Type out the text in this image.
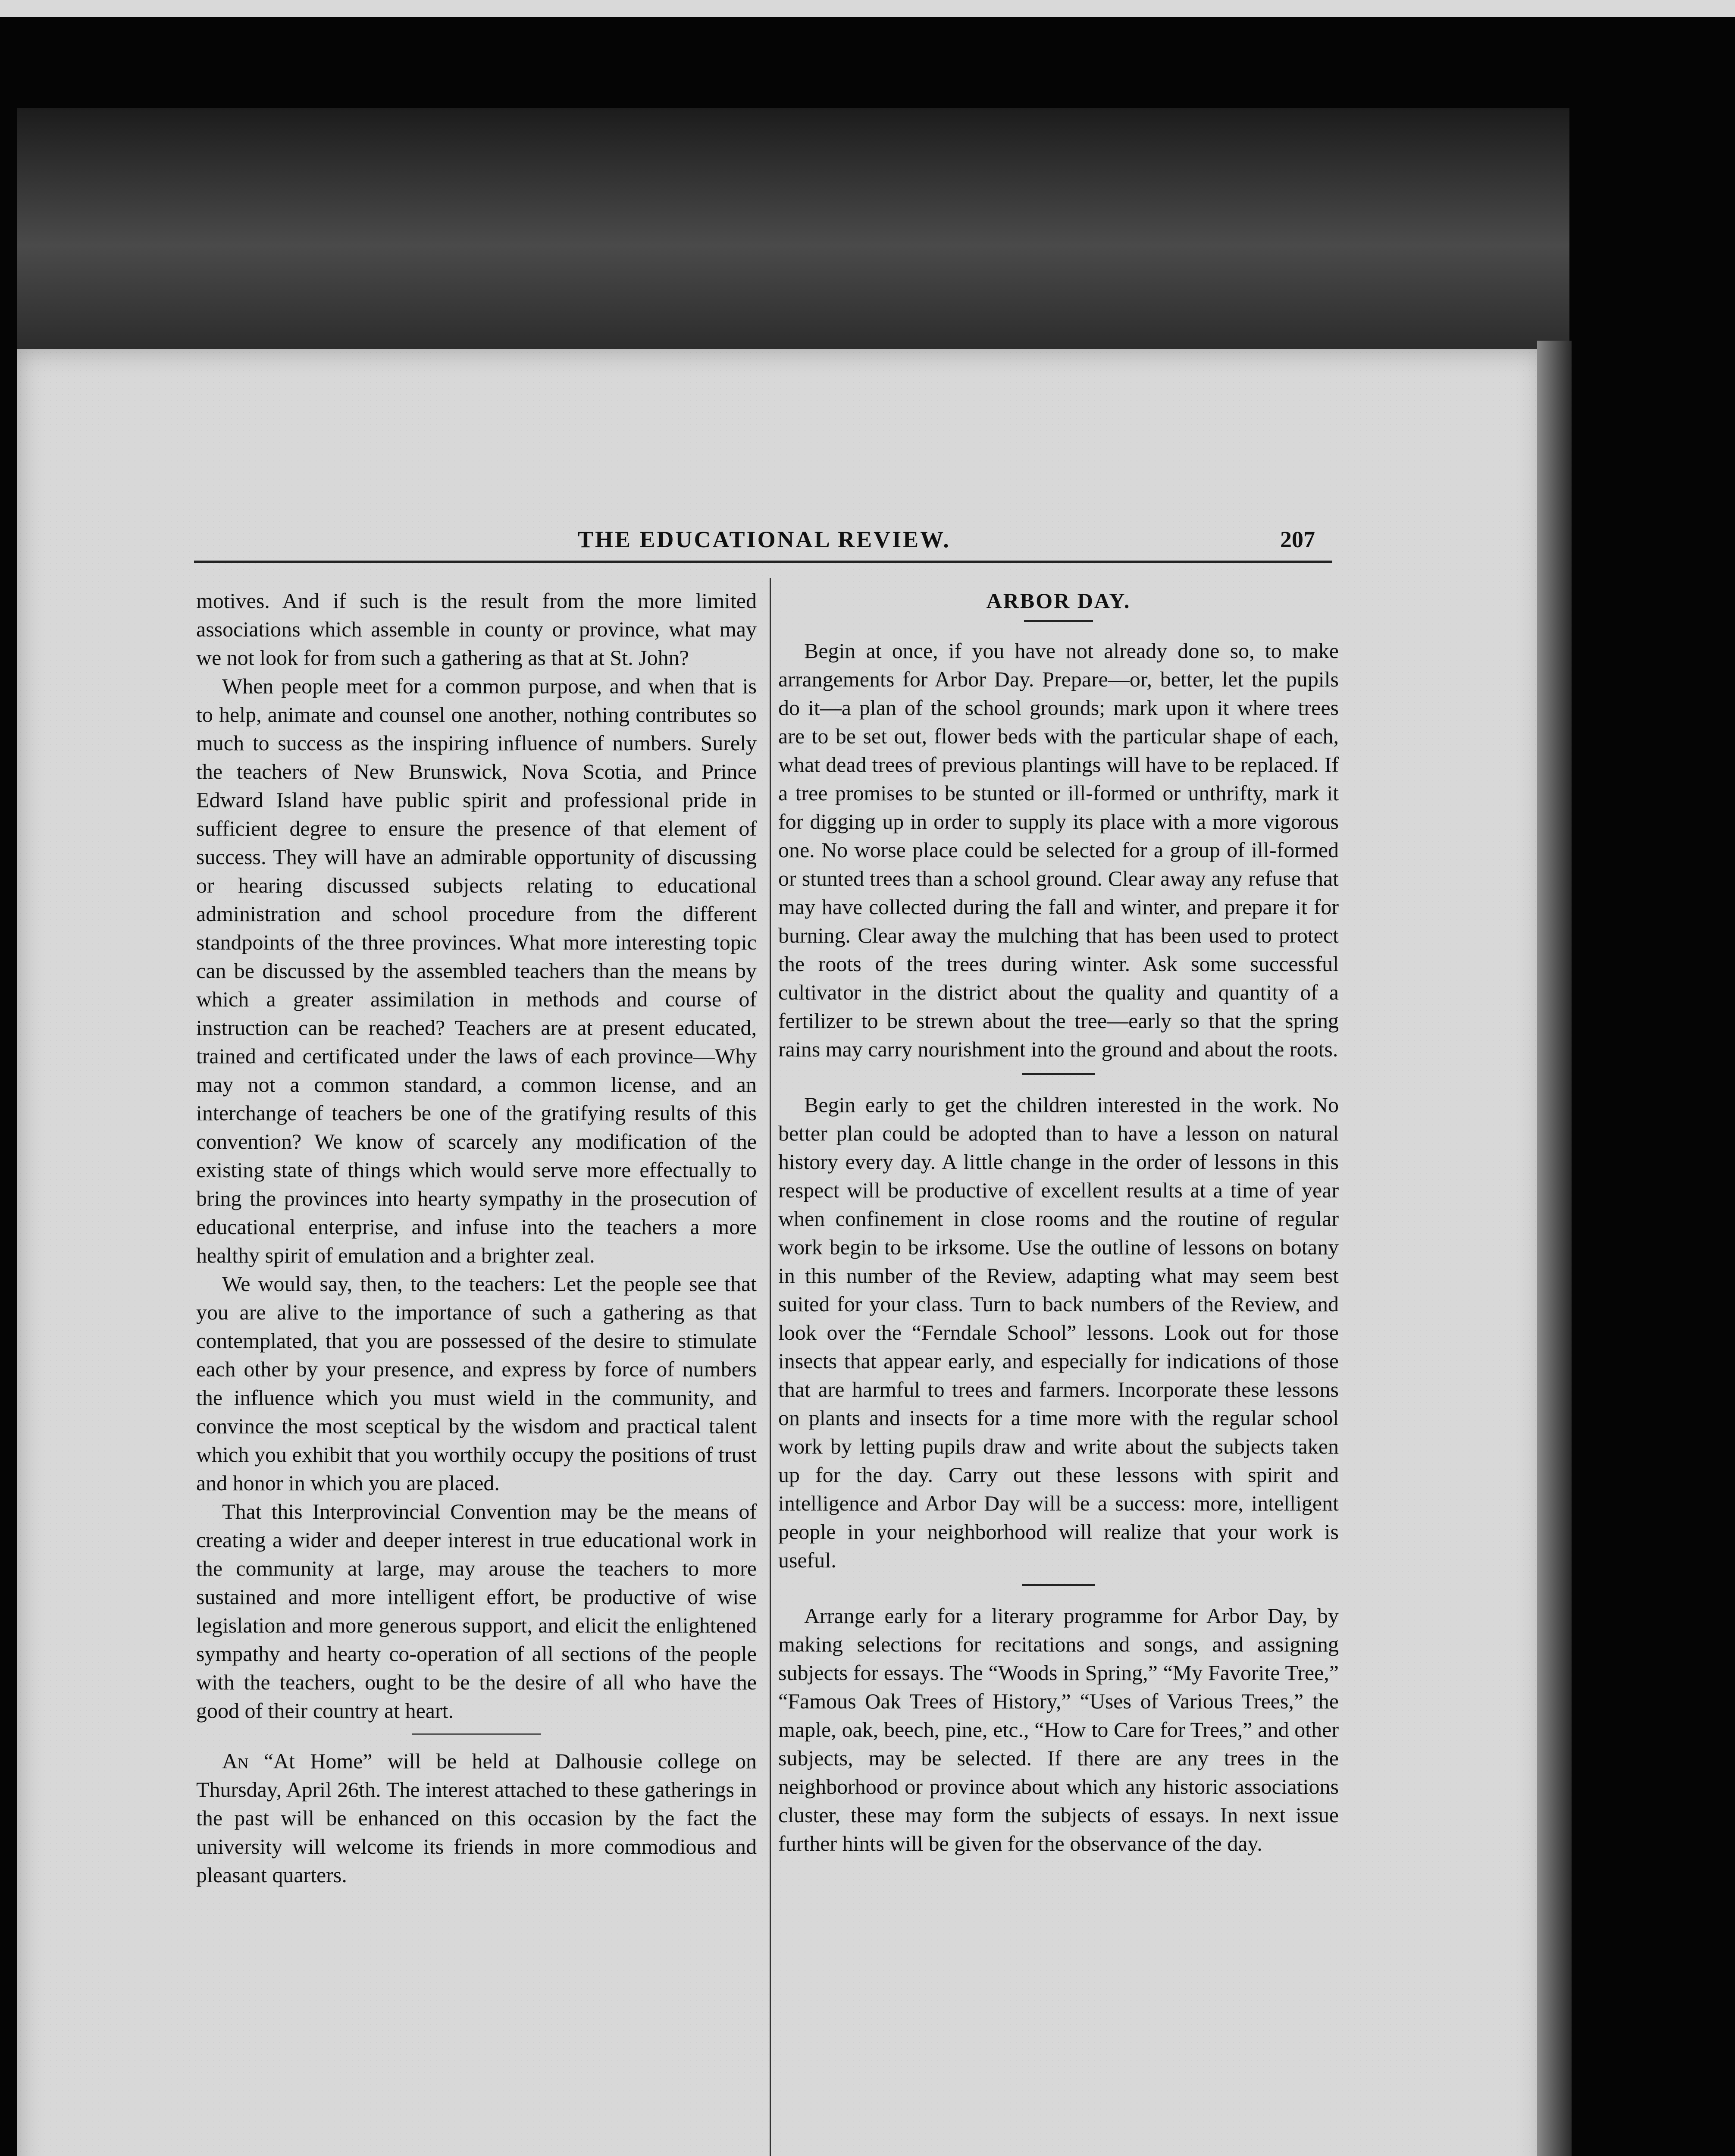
THE EDUCATIONAL REVIEW.	207

motives. And if such is the result from the more limited associations which assemble in county or province, what may we not look for from such a gathering as that at St. John?

When people meet for a common purpose, and when that is to help, animate and counsel one another, nothing contributes so much to success as the inspiring influence of numbers. Surely the teachers of New Brunswick, Nova Scotia, and Prince Edward Island have public spirit and professional pride in sufficient degree to ensure the presence of that element of success. They will have an admirable opportunity of discussing or hearing discussed subjects relating to educational administration and school procedure from the different standpoints of the three provinces. What more interesting topic can be discussed by the assembled teachers than the means by which a greater assimilation in methods and course of instruction can be reached? Teachers are at present educated, trained and certificated under the laws of each province—Why may not a common standard, a common license, and an interchange of teachers be one of the gratifying results of this convention? We know of scarcely any modification of the existing state of things which would serve more effectually to bring the provinces into hearty sympathy in the prosecution of educational enterprise, and infuse into the teachers a more healthy spirit of emulation and a brighter zeal.

We would say, then, to the teachers: Let the people see that you are alive to the importance of such a gathering as that contemplated, that you are possessed of the desire to stimulate each other by your presence, and express by force of numbers the influence which you must wield in the community, and convince the most sceptical by the wisdom and practical talent which you exhibit that you worthily occupy the positions of trust and honor in which you are placed.

That this Interprovincial Convention may be the means of creating a wider and deeper interest in true educational work in the community at large, may arouse the teachers to more sustained and more intelligent effort, be productive of wise legislation and more generous support, and elicit the enlightened sympathy and hearty co-operation of all sections of the people with the teachers, ought to be the desire of all who have the good of their country at heart.

An “At Home” will be held at Dalhousie college on Thursday, April 26th. The interest attached to these gatherings in the past will be enhanced on this occasion by the fact the university will welcome its friends in more commodious and pleasant quarters.

ARBOR DAY.

Begin at once, if you have not already done so, to make arrangements for Arbor Day. Prepare—or, better, let the pupils do it—a plan of the school grounds; mark upon it where trees are to be set out, flower beds with the particular shape of each, what dead trees of previous plantings will have to be replaced. If a tree promises to be stunted or ill-formed or unthrifty, mark it for digging up in order to supply its place with a more vigorous one. No worse place could be selected for a group of ill-formed or stunted trees than a school ground. Clear away any refuse that may have collected during the fall and winter, and prepare it for burning. Clear away the mulching that has been used to protect the roots of the trees during winter. Ask some successful cultivator in the district about the quality and quantity of a fertilizer to be strewn about the tree—early so that the spring rains may carry nourishment into the ground and about the roots.

Begin early to get the children interested in the work. No better plan could be adopted than to have a lesson on natural history every day. A little change in the order of lessons in this respect will be productive of excellent results at a time of year when confinement in close rooms and the routine of regular work begin to be irksome. Use the outline of lessons on botany in this number of the Review, adapting what may seem best suited for your class. Turn to back numbers of the Review, and look over the “Ferndale School” lessons. Look out for those insects that appear early, and especially for indications of those that are harmful to trees and farmers. Incorporate these lessons on plants and insects for a time more with the regular school work by letting pupils draw and write about the subjects taken up for the day. Carry out these lessons with spirit and intelligence and Arbor Day will be a success: more, intelligent people in your neighborhood will realize that your work is useful.

Arrange early for a literary programme for Arbor Day, by making selections for recitations and songs, and assigning subjects for essays. The “Woods in Spring,” “My Favorite Tree,” “Famous Oak Trees of History,” “Uses of Various Trees,” the maple, oak, beech, pine, etc., “How to Care for Trees,” and other subjects, may be selected. If there are any trees in the neighborhood or province about which any historic associations cluster, these may form the subjects of essays. In next issue further hints will be given for the observance of the day.
